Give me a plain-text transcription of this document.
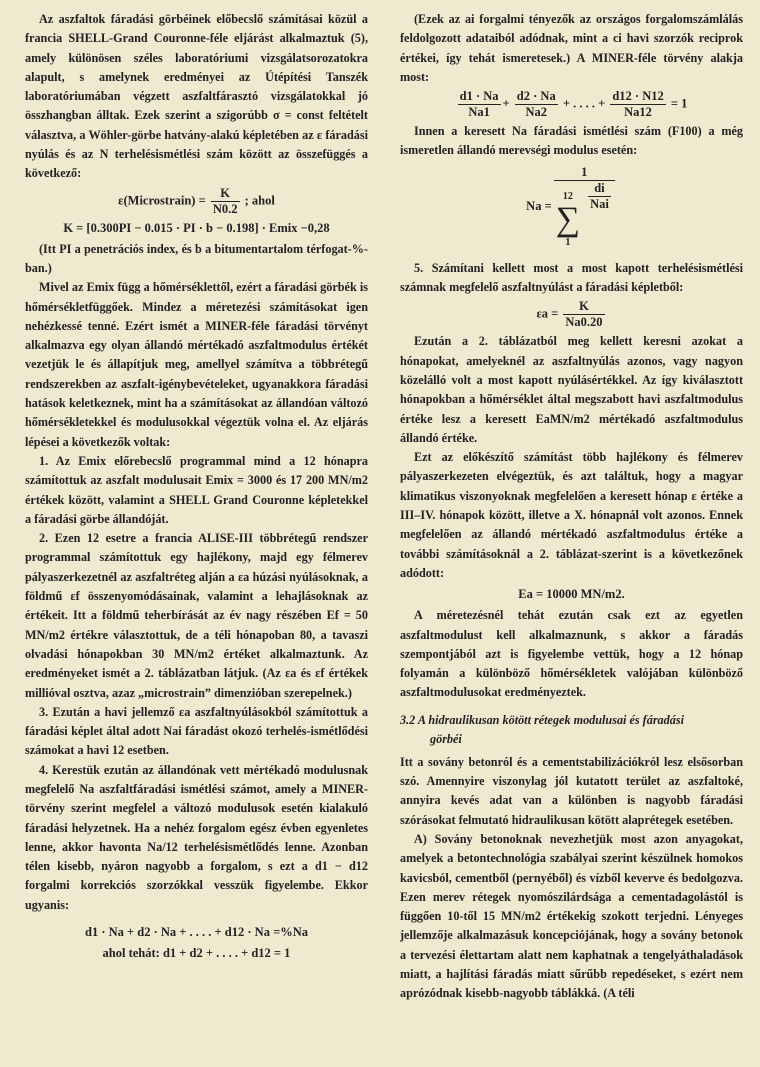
Az aszfaltok fáradási görbéinek előbecslő számításai közül a francia SHELL-Grand Couronne-féle eljárást alkalmaztuk (5), amely különösen széles laboratóriumi vizsgálatsorozatokra alapult, s amelynek eredményei az Útépítési Tanszék laboratóriumában végzett aszfaltfárasztó vizsgálatokkal jó összhangban álltak. Ezek szerint a szigorúbb σ = const feltételt választva, a Wöhler-görbe hatvány-alakú képletében az ε fáradási nyúlás és az N terhelésismétlési szám között az összefüggés a következő:

ε(Microstrain) = $\frac{K}{N0.2}$ ; ahol
K = [0.300PI − 0.015 · PI · b − 0.198] · Emix −0,28

(Itt PI a penetrációs index, és b a bitumentartalom térfogat-%-ban.)

Mivel az Emix függ a hőmérséklettől, ezért a fáradási görbék is hőmérsékletfüggőek. Mindez a méretezési számításokat igen nehézkessé tenné. Ezért ismét a MINER-féle fáradási törvényt alkalmazva egy olyan állandó mértékadó aszfaltmodulus értékét vezetjük le és állapítjuk meg, amellyel számítva a többrétegű rendszerekben az aszfalt-igénybevételeket, ugyanakkora fáradási hatások keletkeznek, mint ha a számításokat az állandóan változó hőmérsékletekkel és modulusokkal végeztük volna el. Az eljárás lépései a következők voltak:

1. Az Emix előrebecslő programmal mind a 12 hónapra számítottuk az aszfalt modulusait Emix = 3000 és 17 200 MN/m2 értékek között, valamint a SHELL Grand Couronne képletekkel a fáradási görbe állandóját.

2. Ezen 12 esetre a francia ALISE-III többrétegű rendszer programmal számítottuk egy hajlékony, majd egy félmerev pályaszerkezetnél az aszfaltréteg alján a εa húzási nyúlásoknak, a földmű εf összenyomódásainak, valamint a lehajlásoknak az értékeit. Itt a földmű teherbírását az év nagy részében Ef = 50 MN/m2 értékre választottuk, de a téli hónapoban 80, a tavaszi olvadási hónapokban 30 MN/m2 értéket alkalmaztunk. Az eredményeket ismét a 2. táblázatban látjuk. (Az εa és εf értékek millióval osztva, azaz „microstrain” dimenzióban szerepelnek.)

3. Ezután a havi jellemző εa aszfaltnyúlásokból számítottuk a fáradási képlet által adott Nai fáradást okozó terhelés-ismétlődési számokat a havi 12 esetben.

4. Kerestük ezután az állandónak vett mértékadó modulusnak megfelelő Na aszfaltfáradási ismétlési számot, amely a MINER-törvény szerint megfelel a változó modulusok esetén kialakuló fáradási helyzetnek. Ha a nehéz forgalom egész évben egyenletes lenne, akkor havonta Na/12 terhelésismétlődés lenne. Azonban télen kisebb, nyáron nagyobb a forgalom, s ezt a d1 − d12 forgalmi korrekciós szorzókkal vesszük figyelembe. Ekkor ugyanis:

d1 · Na + d2 · Na + . . . . + d12 · Na =%Na
ahol tehát: d1 + d2 + . . . . + d12 = 1

(Ezek az ai forgalmi tényezők az országos forgalomszámlálás feldolgozott adataiból adódnak, mint a ci havi szorzók reciprok értékei, így tehát ismeretesek.) A MINER-féle törvény alakja most:

$\frac{d1 \cdot Na}{Na1} + \frac{d2 \cdot Na}{Na2}$ + . . . . + $\frac{d12 \cdot N12}{Na12} = 1$

Innen a keresett Na fáradási ismétlési szám (F100) a még ismeretlen állandó merevségi modulus esetén:

Na =
1
12
∑
1

$\frac{di}{\text{Nai}}$

5. Számítani kellett most a most kapott terhelésismétlési számnak megfelelő aszfaltnyúlást a fáradási képletből:

$\varepsilon a = \frac{K}{Na0.20}$

Ezután a 2. táblázatból meg kellett keresni azokat a hónapokat, amelyeknél az aszfaltnyúlás azonos, vagy nagyon közelálló volt a most kapott nyúlásértékkel. Az így kiválasztott hónapokban a hőmérséklet által megszabott havi aszfaltmodulus értéke lesz a keresett EaMN/m2 mértékadó aszfaltmodulus állandó értéke.

Ezt az előkészítő számítást több hajlékony és félmerev pályaszerkezeten elvégeztük, és azt találtuk, hogy a magyar klimatikus viszonyoknak megfelelően a keresett hónap ε értéke a III–IV. hónapok között, illetve a X. hónapnál volt azonos. Ennek megfelelően az állandó mértékadó aszfaltmodulus értéke a további számításoknál a 2. táblázat-szerint is a következőnek adódott:

Ea = 10000 MN/m2.

A méretezésnél tehát ezután csak ezt az egyetlen aszfaltmodulust kell alkalmaznunk, s akkor a fáradás szempontjából azt is figyelembe vettük, hogy a 12 hónap folyamán a különböző hőmérsékletek valójában különböző aszfaltmodulusokat eredményeztek.

3.2 A hidraulikusan kötött rétegek modulusai és fáradási
görbéi

Itt a sovány betonról és a cementstabilizációkról lesz elsősorban szó. Amennyire viszonylag jól kutatott terület az aszfaltoké, annyira kevés adat van a különben is nagyobb fáradási szórásokat felmutató hidraulikusan kötött alaprétegek esetében.

A) Sovány betonoknak nevezhetjük most azon anyagokat, amelyek a betontechnológia szabályai szerint készülnek homokos kavicsból, cementből (pernyéből) és vízből keverve és bedolgozva. Ezen merev rétegek nyomószilárdsága a cementadagolástól is függően 10-től 15 MN/m2 értékekig szokott terjedni. Lényeges jellemzője alkalmazásuk koncepciójának, hogy a sovány betonok a tervezési élettartam alatt nem kaphatnak a tengelyáthaladások miatt, a hajlítási fáradás miatt sűrűbb repedéseket, s ezért nem aprózódnak kisebb-nagyobb táblákká. (A téli
